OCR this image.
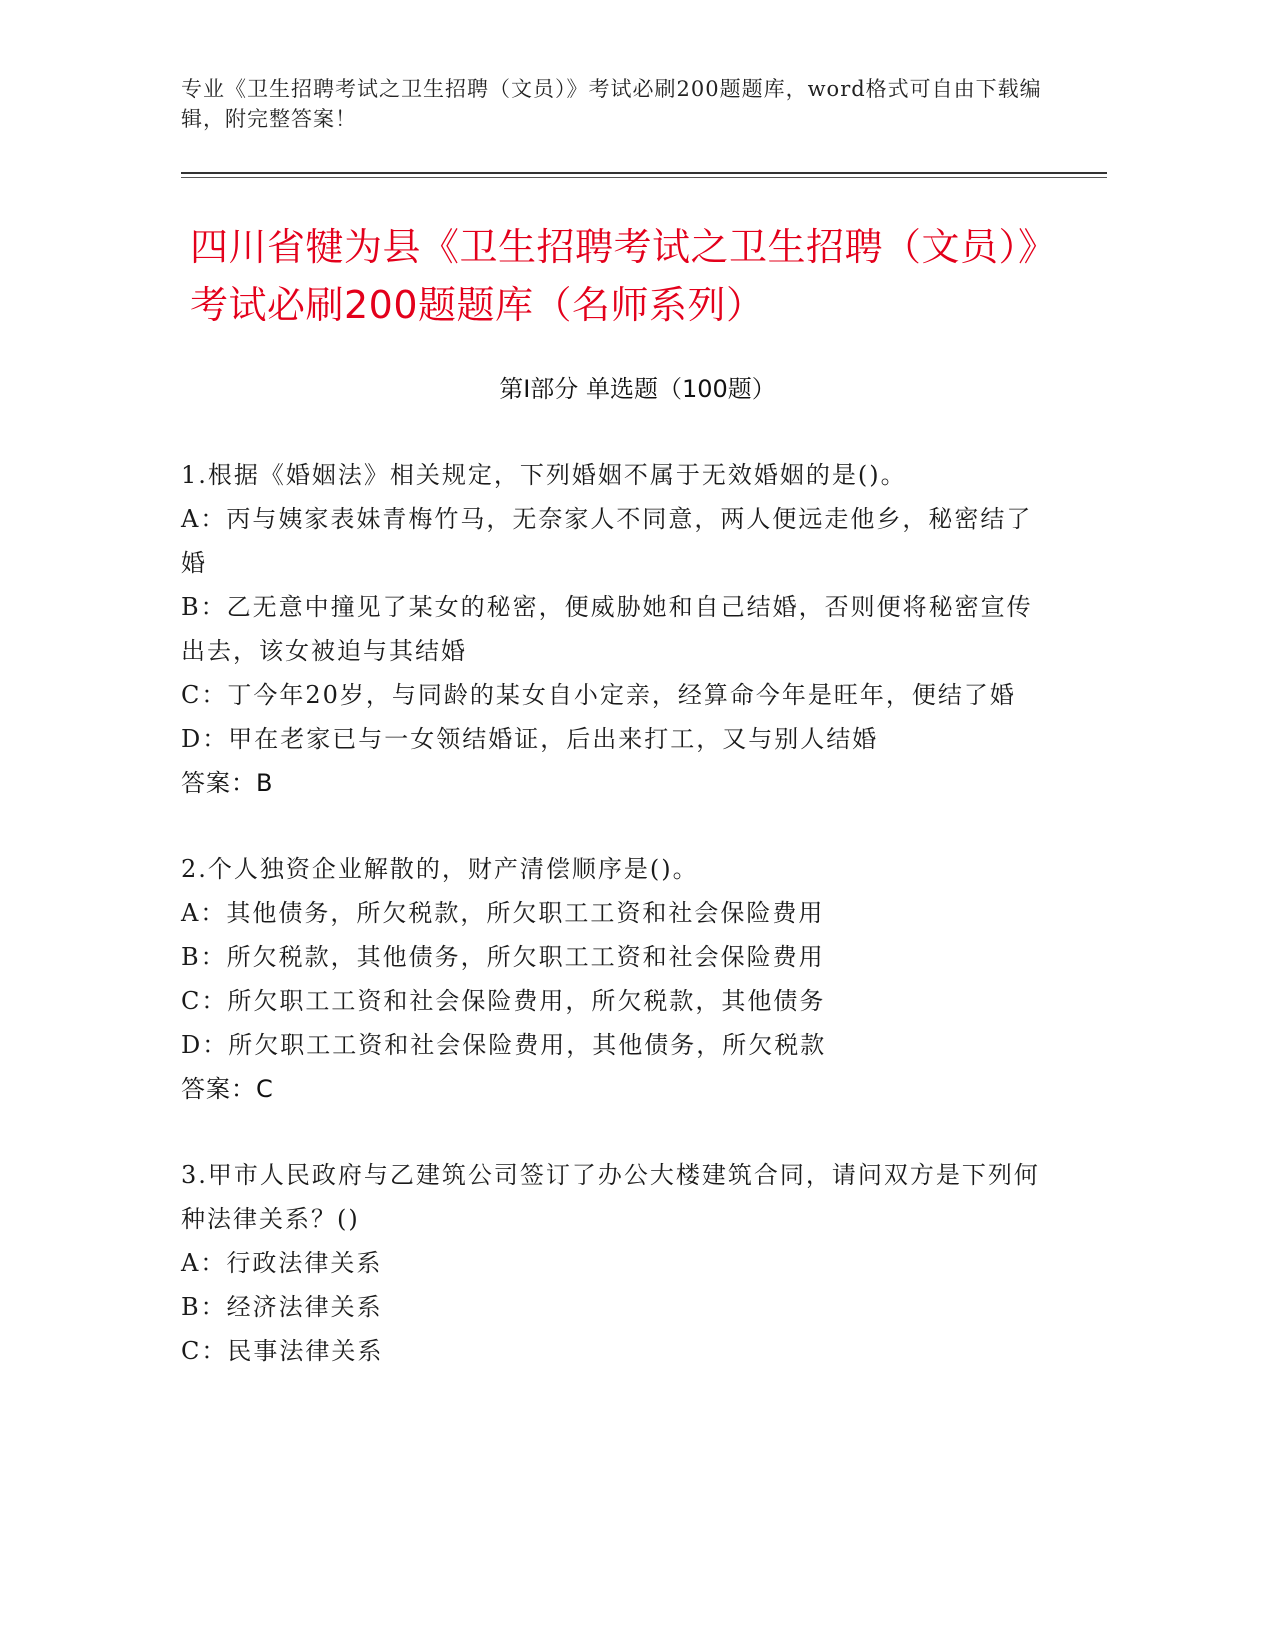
专业《卫生招聘考试之卫生招聘（文员）》考试必刷200题题库，word格式可自由下载编辑，附完整答案！
四川省犍为县《卫生招聘考试之卫生招聘（文员）》考试必刷200题题库（名师系列）
第Ⅰ部分 单选题（100题）
1.根据《婚姻法》相关规定，下列婚姻不属于无效婚姻的是()。
A：丙与姨家表妹青梅竹马，无奈家人不同意，两人便远走他乡，秘密结了婚
B：乙无意中撞见了某女的秘密，便威胁她和自己结婚，否则便将秘密宣传出去，该女被迫与其结婚
C：丁今年20岁，与同龄的某女自小定亲，经算命今年是旺年，便结了婚
D：甲在老家已与一女领结婚证，后出来打工，又与别人结婚
答案：B
2.个人独资企业解散的，财产清偿顺序是()。
A：其他债务，所欠税款，所欠职工工资和社会保险费用
B：所欠税款，其他债务，所欠职工工资和社会保险费用
C：所欠职工工资和社会保险费用，所欠税款，其他债务
D：所欠职工工资和社会保险费用，其他债务，所欠税款
答案：C
3.甲市人民政府与乙建筑公司签订了办公大楼建筑合同，请问双方是下列何种法律关系？()
A：行政法律关系
B：经济法律关系
C：民事法律关系
